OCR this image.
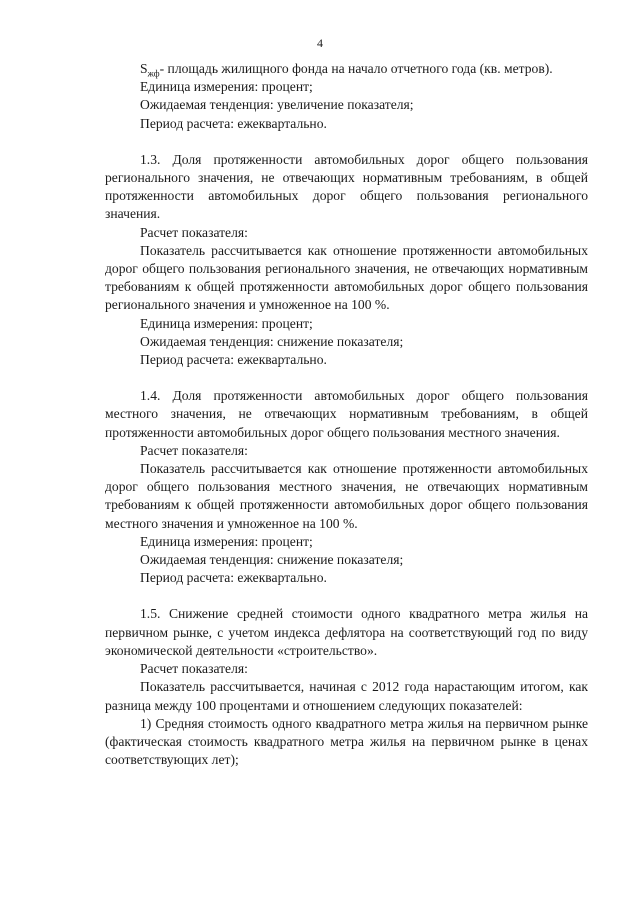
4

$S_{жф}-$ площадь жилищного фонда на начало отчетного года (кв. метров).

Единица измерения: процент;

Ожидаемая тенденция: увеличение показателя;

Период расчета: ежеквартально.

1.3. Доля протяженности автомобильных дорог общего пользования регионального значения, не отвечающих нормативным требованиям, в общей протяженности автомобильных дорог общего пользования регионального значения.

Расчет показателя:

Показатель рассчитывается как отношение протяженности автомобильных дорог общего пользования регионального значения, не отвечающих нормативным требованиям к общей протяженности автомобильных дорог общего пользования регионального значения и умноженное на 100 %.

Единица измерения: процент;

Ожидаемая тенденция: снижение показателя;

Период расчета: ежеквартально.

1.4. Доля протяженности автомобильных дорог общего пользования местного значения, не отвечающих нормативным требованиям, в общей протяженности автомобильных дорог общего пользования местного значения.

Расчет показателя:

Показатель рассчитывается как отношение протяженности автомобильных дорог общего пользования местного значения, не отвечающих нормативным требованиям к общей протяженности автомобильных дорог общего пользования местного значения и умноженное на 100 %.

Единица измерения: процент;

Ожидаемая тенденция: снижение показателя;

Период расчета: ежеквартально.

1.5. Снижение средней стоимости одного квадратного метра жилья на первичном рынке, с учетом индекса дефлятора на соответствующий год по виду экономической деятельности «строительство».

Расчет показателя:

Показатель рассчитывается, начиная с 2012 года нарастающим итогом, как разница между 100 процентами и отношением следующих показателей:

1) Средняя стоимость одного квадратного метра жилья на первичном рынке (фактическая стоимость квадратного метра жилья на первичном рынке в ценах соответствующих лет);
